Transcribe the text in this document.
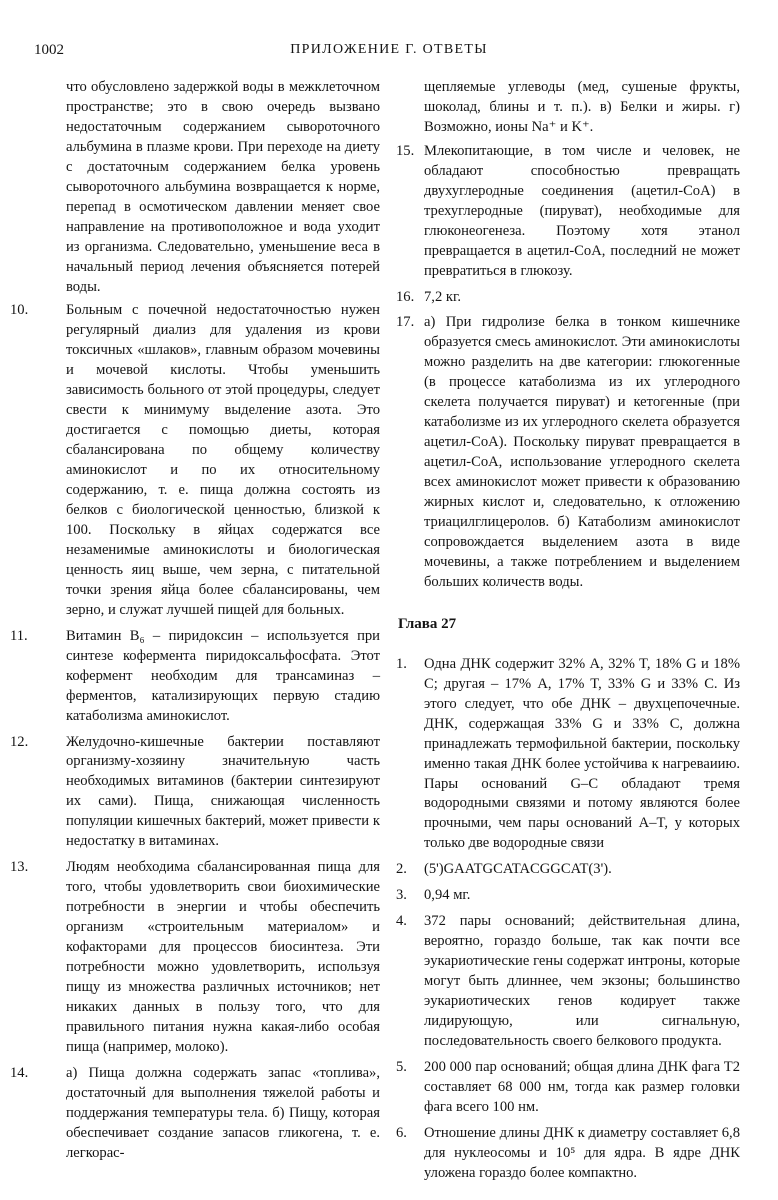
1002	ПРИЛОЖЕНИЕ Г. ОТВЕТЫ

что обусловлено задержкой воды в межклеточном пространстве; это в свою очередь вызвано недостаточным содержанием сывороточного альбумина в плазме крови. При переходе на диету с достаточным содержанием белка уровень сывороточного альбумина возвращается к норме, перепад в осмотическом давлении меняет свое направление на противоположное и вода уходит из организма. Следовательно, уменьшение веса в начальный период лечения объясняется потерей воды.

10.	Больным с почечной недостаточностью нужен регулярный диализ для удаления из крови токсичных «шлаков», главным образом мочевины и мочевой кислоты. Чтобы уменьшить зависимость больного от этой процедуры, следует свести к минимуму выделение азота. Это достигается с помощью диеты, которая сбалансирована по общему количеству аминокислот и по их относительному содержанию, т. е. пища должна состоять из белков с биологической ценностью, близкой к 100. Поскольку в яйцах содержатся все незаменимые аминокислоты и биологическая ценность яиц выше, чем зерна, с питательной точки зрения яйца более сбалансированы, чем зерно, и служат лучшей пищей для больных.
11.	Витамин B₆ – пиридоксин – используется при синтезе кофермента пиридоксальфосфата. Этот кофермент необходим для трансаминаз – ферментов, катализирующих первую стадию катаболизма аминокислот.
12.	Желудочно-кишечные бактерии поставляют организму-хозяину значительную часть необходимых витаминов (бактерии синтезируют их сами). Пища, снижающая численность популяции кишечных бактерий, может привести к недостатку в витаминах.
13.	Людям необходима сбалансированная пища для того, чтобы удовлетворить свои биохимические потребности в энергии и чтобы обеспечить организм «строительным материалом» и кофакторами для процессов биосинтеза. Эти потребности можно удовлетворить, используя пищу из множества различных источников; нет никаких данных в пользу того, что для правильного питания нужна какая-либо особая пища (например, молоко).
14.	а) Пища должна содержать запас «топлива», достаточный для выполнения тяжелой работы и поддержания температуры тела. б) Пищу, которая обеспечивает создание запасов гликогена, т. е. легкорас-

щепляемые углеводы (мед, сушеные фрукты, шоколад, блины и т. п.). в) Белки и жиры. г) Возможно, ионы Na⁺ и K⁺.

15. Млекопитающие, в том числе и человек, не обладают способностью превращать двухуглеродные соединения (ацетил-CoA) в трехуглеродные (пируват), необходимые для глюконеогенеза. Поэтому хотя этанол превращается в ацетил-CoA, последний не может превратиться в глюкозу.
16. 7,2 кг.
17. а) При гидролизе белка в тонком кишечнике образуется смесь аминокислот. Эти аминокислоты можно разделить на две категории: глюкогенные (в процессе катаболизма из их углеродного скелета получается пируват) и кетогенные (при катаболизме из их углеродного скелета образуется ацетил-CoA). Поскольку пируват превращается в ацетил-CoA, использование углеродного скелета всех аминокислот может привести к образованию жирных кислот и, следовательно, к отложению триацилглицеролов. б) Катаболизм аминокислот сопровождается выделением азота в виде мочевины, а также потреблением и выделением больших количеств воды.
Глава 27
1.	Одна ДНК содержит 32% A, 32% T, 18% G и 18% C; другая – 17% A, 17% T, 33% G и 33% C. Из этого следует, что обе ДНК – двухцепочечные. ДНК, содержащая 33% G и 33% C, должна принадлежать термофильной бактерии, поскольку именно такая ДНК более устойчива к нагреваиию. Пары оснований G–C обладают тремя водородными связями и потому являются более прочными, чем пары оснований A–T, у которых только две водородные связи
2.	(5')GAATGCATACGGCAT(3').
3.	0,94 мг.
4.	372 пары оснований; действительная длина, вероятно, гораздо больше, так как почти все эукариотические гены содержат интроны, которые могут быть длиннее, чем экзоны; большинство эукариотических генов кодирует также лидирующую, или сигнальную, последовательность своего белкового продукта.
5.	200 000 пар оснований; общая длина ДНК фага T2 составляет 68 000 нм, тогда как размер головки фага всего 100 нм.
6.	Отношение длины ДНК к диаметру составляет 6,8 для нуклеосомы и 10⁵ для ядра. В ядре ДНК уложена гораздо более компактно.
